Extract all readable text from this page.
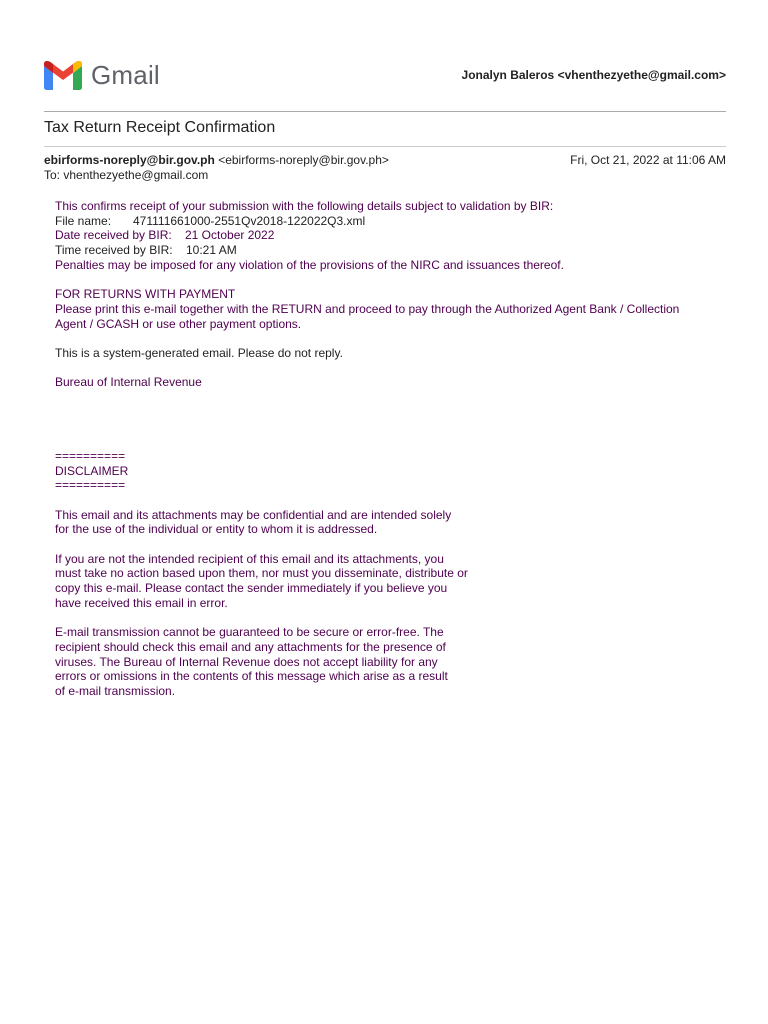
Gmail	Jonalyn Baleros <vhenthezyethe@gmail.com>
Tax Return Receipt Confirmation
ebirforms-noreply@bir.gov.ph <ebirforms-noreply@bir.gov.ph>
To: vhenthezyethe@gmail.com
Fri, Oct 21, 2022 at 11:06 AM

This confirms receipt of your submission with the following details subject to validation by BIR:

File name:	471111661000-2551Qv2018-122022Q3.xml
Date received by BIR:	21 October 2022
Time received by BIR:	10:21 AM

Penalties may be imposed for any violation of the provisions of the NIRC and issuances thereof.

FOR RETURNS WITH PAYMENT

Please print this e-mail together with the RETURN and proceed to pay through the Authorized Agent Bank / Collection

Agent / GCASH or use other payment options.

This is a system-generated email. Please do not reply.

Bureau of Internal Revenue

==========

DISCLAIMER

==========

This email and its attachments may be confidential and are intended solely

for the use of the individual or entity to whom it is addressed.

If you are not the intended recipient of this email and its attachments, you

must take no action based upon them, nor must you disseminate, distribute or

copy this e-mail. Please contact the sender immediately if you believe you

have received this email in error.

E-mail transmission cannot be guaranteed to be secure or error-free. The

recipient should check this email and any attachments for the presence of

viruses. The Bureau of Internal Revenue does not accept liability for any

errors or omissions in the contents of this message which arise as a result

of e-mail transmission.
